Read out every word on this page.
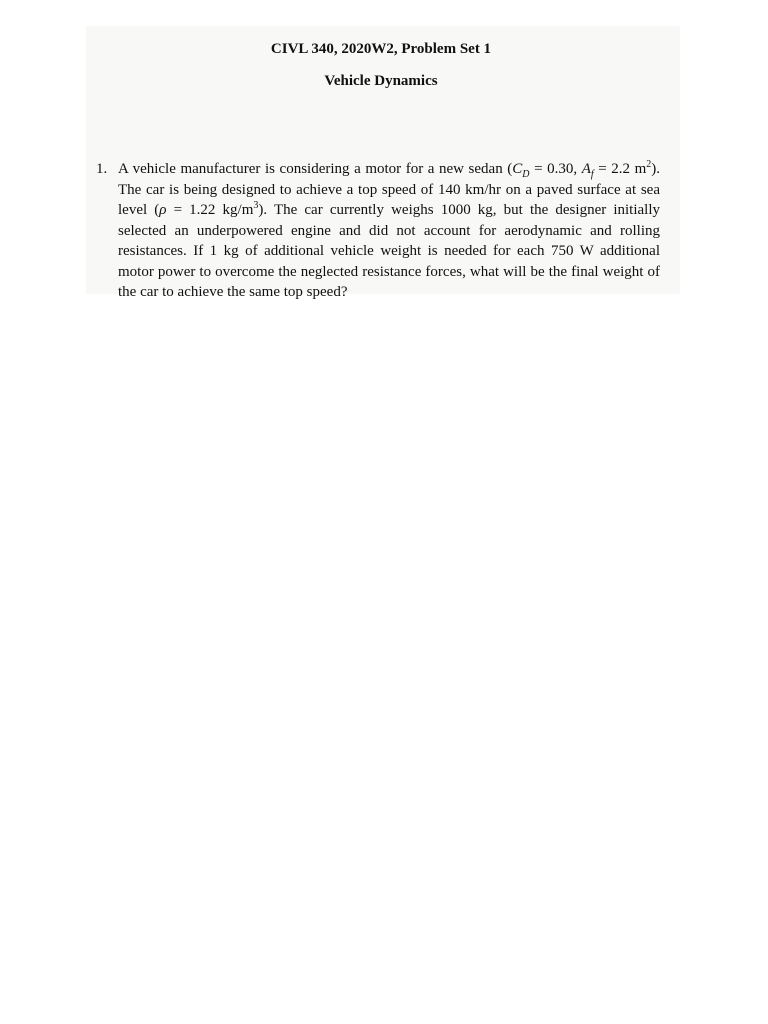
CIVL 340, 2020W2, Problem Set 1

Vehicle Dynamics

1. A vehicle manufacturer is considering a motor for a new sedan ($C_D = 0.30$, $A_f = 2.2$ $m^2$). The car is being designed to achieve a top speed of 140 km/hr on a paved surface at sea level (ρ = 1.22 $kg/m^3$). The car currently weighs 1000 kg, but the designer initially selected an underpowered engine and did not account for aerodynamic and rolling resistances. If 1 kg of additional vehicle weight is needed for each 750 W additional motor power to overcome the neglected resistance forces, what will be the final weight of the car to achieve the same top speed?
